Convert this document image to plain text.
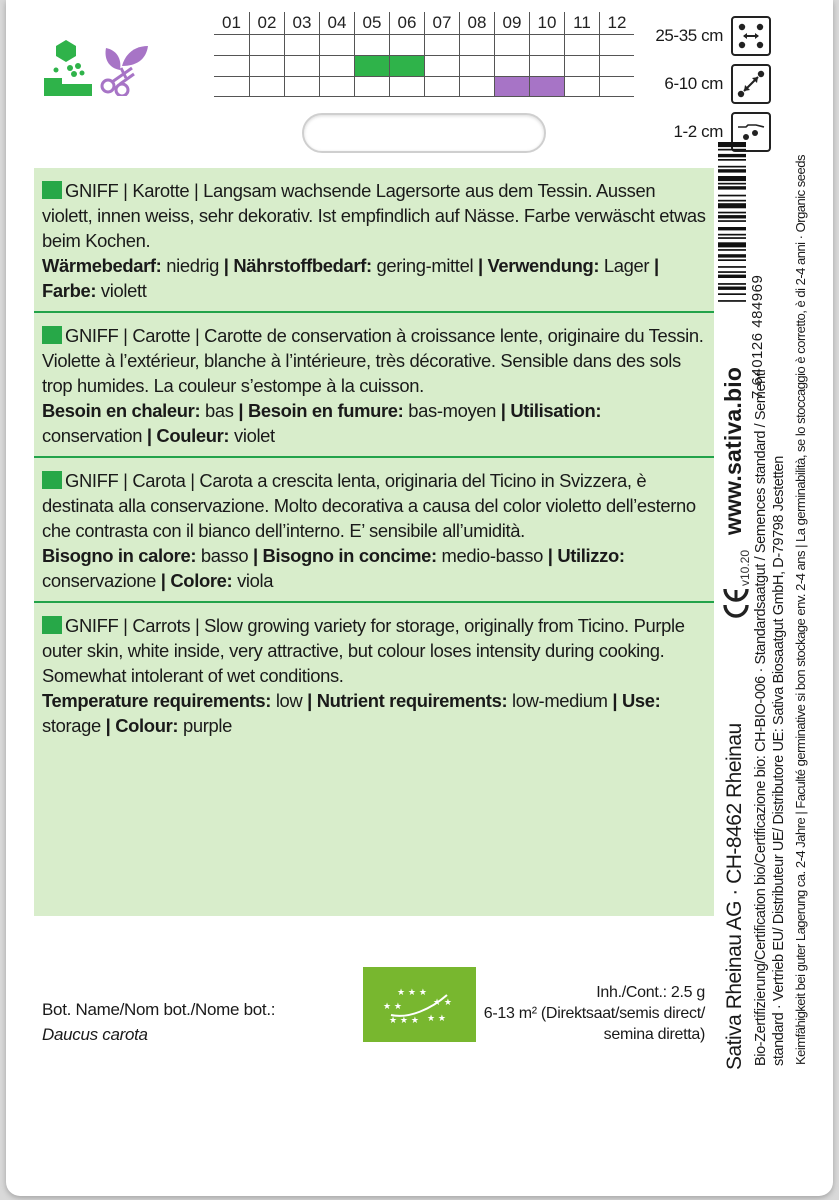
01 02 03 04 05 06 07 08 09 10 11 12
25-35 cm
6-10 cm
1-2 cm
GNIFF | Karotte | Langsam wachsende Lagersorte aus dem Tessin. Aussen violett, innen weiss, sehr dekorativ. Ist empfindlich auf Nässe. Farbe verwäscht etwas beim Kochen.
Wärmebedarf: niedrig | Nährstoffbedarf: gering-mittel | Verwendung: Lager | Farbe: violett
GNIFF | Carotte | Carotte de conservation à croissance lente, originaire du Tessin. Violette à l’extérieur, blanche à l’intérieure, très décorative. Sensible dans des sols trop humides. La couleur s’estompe à la cuisson.
Besoin en chaleur: bas | Besoin en fumure: bas-moyen | Utilisation: conservation | Couleur: violet
GNIFF | Carota | Carota a crescita lenta, originaria del Ticino in Svizzera, è destinata alla conservazione. Molto decorativa a causa del color violetto dell’esterno che contrasta con il bianco dell’interno. E’ sensibile all’umidità.
Bisogno in calore: basso | Bisogno in concime: medio-basso | Utilizzo: conservazione | Colore: viola
GNIFF | Carrots | Slow growing variety for storage, originally from Ticino. Purple outer skin, white inside, very attractive, but colour loses intensity during cooking. Somewhat intolerant of wet conditions.
Temperature requirements: low | Nutrient requirements: low-medium | Use: storage | Colour: purple
Bot. Name/Nom bot./Nome bot.:
Daucus carota
★ ★ ★
★ ★	★ ★
★ ★ ★ ★ ★
Inh./Cont.: 2.5 g
6-13 m² (Direktsaat/semis direct/
semina diretta)
7 640126 484969
www.sativa.bio
v10.20
Sativa Rheinau AG · CH-8462 Rheinau Bio-Zertifizierung/Certification bio/Certificazione bio: CH-BIO-006 · Standardsaatgut / Semences standard / Sementi standard · Vertrieb EU/ Distributeur UE/ Distributore UE: Sativa Biosaatgut GmbH, D-79798 Jestetten Keimfähigkeit bei guter Lagerung ca. 2-4 Jahre | Faculté germinative si bon stockage env. 2-4 ans | La germinabilità, se lo stoccaggio è corretto, è di 2-4 anni · Organic seeds
